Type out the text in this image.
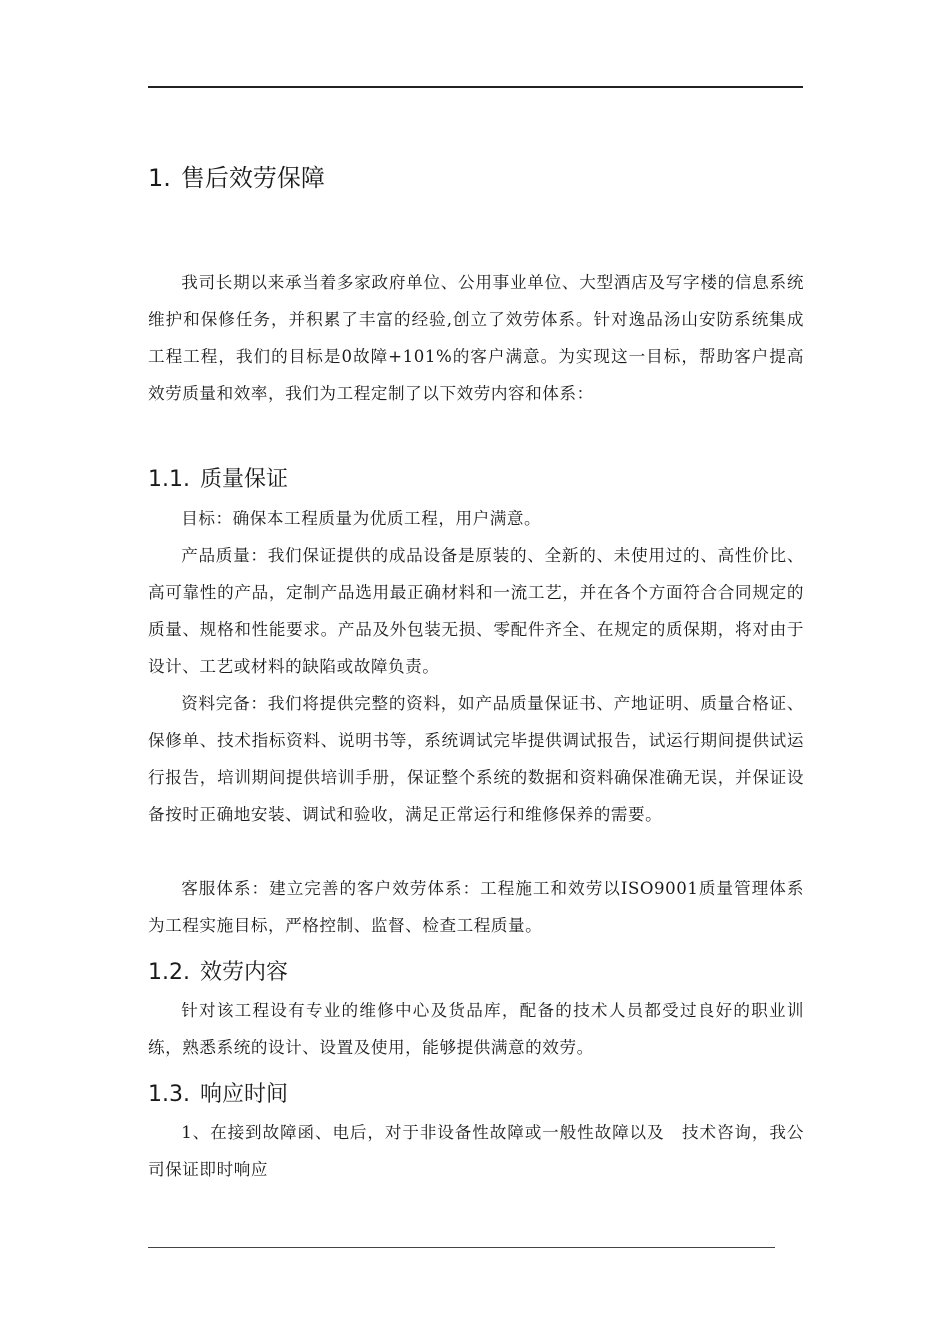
1. 售后效劳保障
我司长期以来承当着多家政府单位、公用事业单位、大型酒店及写字楼的信息系统维护和保修任务，并积累了丰富的经验,创立了效劳体系。针对逸品汤山安防系统集成工程工程，我们的目标是0故障+101%的客户满意。为实现这一目标，帮助客户提高效劳质量和效率，我们为工程定制了以下效劳内容和体系：
1.1. 质量保证
目标：确保本工程质量为优质工程，用户满意。
产品质量：我们保证提供的成品设备是原装的、全新的、未使用过的、高性价比、高可靠性的产品，定制产品选用最正确材料和一流工艺，并在各个方面符合合同规定的质量、规格和性能要求。产品及外包装无损、零配件齐全、在规定的质保期，将对由于设计、工艺或材料的缺陷或故障负责。
资料完备：我们将提供完整的资料，如产品质量保证书、产地证明、质量合格证、保修单、技术指标资料、说明书等，系统调试完毕提供调试报告，试运行期间提供试运行报告，培训期间提供培训手册，保证整个系统的数据和资料确保准确无误，并保证设备按时正确地安装、调试和验收，满足正常运行和维修保养的需要。
客服体系：建立完善的客户效劳体系：工程施工和效劳以ISO9001质量管理体系为工程实施目标，严格控制、监督、检查工程质量。
1.2. 效劳内容
针对该工程设有专业的维修中心及货品库，配备的技术人员都受过良好的职业训练，熟悉系统的设计、设置及使用，能够提供满意的效劳。
1.3. 响应时间
1、在接到故障函、电后，对于非设备性故障或一般性故障以及　技术咨询，我公司保证即时响应
